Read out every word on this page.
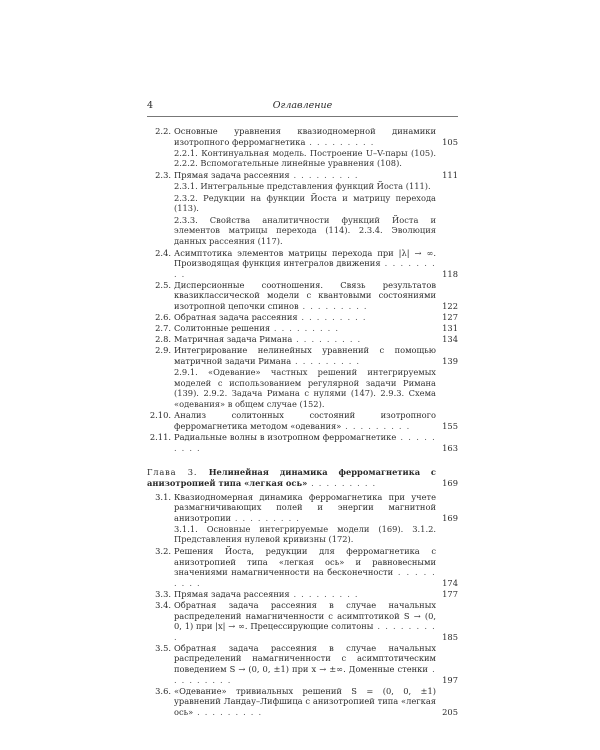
4	Оглавление
2.2. Основные уравнения квазиодномерной динамики изотропного ферромагнетика . . . . . . . . .	105
2.2.1. Континуальная модель. Построение U–V-пары (105). 2.2.2. Вспомогательные линейные уравнения (108).
2.3. Прямая задача рассеяния . . . . . . . . .	111
2.3.1. Интегральные представления функций Йоста (111).
2.3.2. Редукции на функции Йоста и матрицу перехода (113).
2.3.3. Свойства аналитичности функций Йоста и элементов матрицы перехода (114). 2.3.4. Эволюция данных рассеяния (117).
2.4. Асимптотика элементов матрицы перехода при |λ| → ∞. Производящая функция интегралов движения . . . . . . . . .	118
2.5. Дисперсионные соотношения. Связь результатов квазиклассической модели с квантовыми состояниями изотропной цепочки спинов . . . . . . . . .	122
2.6. Обратная задача рассеяния . . . . . . . . .	127
2.7. Солитонные решения . . . . . . . . .	131
2.8. Матричная задача Римана . . . . . . . . .	134
2.9. Интегрирование нелинейных уравнений с помощью матричной задачи Римана . . . . . . . . .	139
2.9.1. «Одевание» частных решений интегрируемых моделей с использованием регулярной задачи Римана (139). 2.9.2. Задача Римана с нулями (147). 2.9.3. Схема «одевания» в общем случае (152).
2.10. Анализ солитонных состояний изотропного ферромагнетика методом «одевания» . . . . . . . . .	155
2.11. Радиальные волны в изотропном ферромагнетике . . . . . . . . .	163
Глава 3. Нелинейная динамика ферромагнетика с анизотропией типа «легкая ось» . . . . . . . . .	169
3.1. Квазиодномерная динамика ферромагнетика при учете размагничивающих полей и энергии магнитной анизотропии . . . . . . . . .	169
3.1.1. Основные интегрируемые модели (169). 3.1.2. Представления нулевой кривизны (172).
3.2. Решения Йоста, редукции для ферромагнетика с анизотропией типа «легкая ось» и равновесными значениями намагниченности на бесконечности . . . . . . . . .	174
3.3. Прямая задача рассеяния . . . . . . . . .	177
3.4. Обратная задача рассеяния в случае начальных распределений намагниченности с асимптотикой S → (0, 0, 1) при |x| → ∞. Прецессирующие солитоны . . . . . . . . .	185
3.5. Обратная задача рассеяния в случае начальных распределений намагниченности с асимптотическим поведением S → (0, 0, ±1) при x → ±∞. Доменные стенки . . . . . . . . .	197
3.6. «Одевание» тривиальных решений S = (0, 0, ±1) уравнений Ландау–Лифшица с анизотропией типа «легкая ось» . . . . . . . . .	205
